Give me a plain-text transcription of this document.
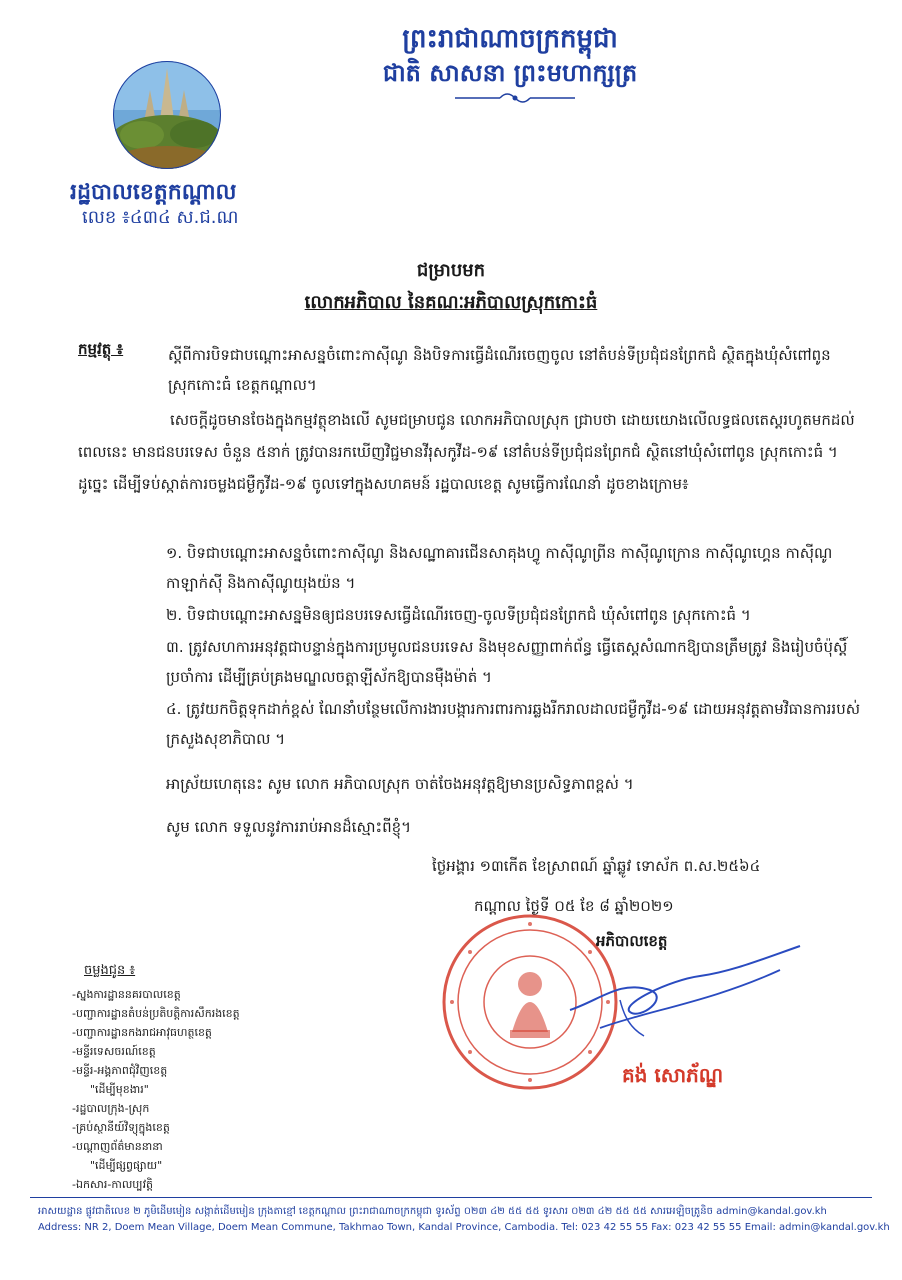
ព្រះរាជាណាចក្រកម្ពុជា
ជាតិ សាសនា ព្រះមហាក្សត្រ
រដ្ឋបាលខេត្តកណ្ដាល
លេខ ៖៤៣៤ ស.ជ.ណ
ជម្រាបមក
លោកអភិបាល នៃគណៈអភិបាលស្រុកកោះធំ
កម្មវត្ថុ ៖	ស្ដីពីការបិទជាបណ្ដោះអាសន្នចំពោះកាស៊ីណូ និងបិទការធ្វើដំណើរចេញចូល នៅតំបន់ទីប្រជុំជនព្រែកជំ ស្ថិតក្នុងឃុំសំពៅពូន ស្រុកកោះធំ ខេត្តកណ្ដាល។
សេចក្ដីដូចមានចែងក្នុងកម្មវត្ថុខាងលើ សូមជម្រាបជូន លោកអភិបាលស្រុក ជ្រាបថា ដោយយោងលើលទ្ធផលតេស្តរហូតមកដល់ពេលនេះ មានជនបរទេស ចំនួន ៥នាក់ ត្រូវបានរកឃើញវិជ្ជមានវីរុសកូវីដ-១៩ នៅតំបន់ទីប្រជុំជនព្រែកជំ ស្ថិតនៅឃុំសំពៅពូន ស្រុកកោះធំ ។ ដូច្នេះ ដើម្បីទប់ស្កាត់ការចម្លងជម្ងឺកូវីដ-១៩ ចូលទៅក្នុងសហគមន៍ រដ្ឋបាលខេត្ត សូមធ្វើការណែនាំ ដូចខាងក្រោម៖
១. បិទជាបណ្ដោះអាសន្នចំពោះកាស៊ីណូ និងសណ្ឋាគារជើនសាគុងហ្វូ កាស៊ីណូព្រីន កាស៊ីណូក្រោន កាស៊ីណូហ្គេន កាស៊ីណូកាឡាក់ស៊ី និងកាស៊ីណូយុងយ៉ន ។
២. បិទជាបណ្ដោះអាសន្នមិនឲ្យជនបរទេសធ្វើដំណើរចេញ-ចូលទីប្រជុំជនព្រែកជំ ឃុំសំពៅពូន ស្រុកកោះធំ ។
៣. ត្រូវសហការអនុវត្តជាបន្ទាន់ក្នុងការប្រមូលជនបរទេស និងមុខសញ្ញាពាក់ព័ន្ធ ធ្វើតេស្តសំណាកឱ្យបានត្រឹមត្រូវ និងរៀបចំប៉ុស្តិ៍ប្រចាំការ ដើម្បីគ្រប់គ្រងមណ្ឌលចត្តាឡីស័កឱ្យបានម៉ឺងម៉ាត់ ។
៤. ត្រូវយកចិត្តទុកដាក់ខ្ពស់ ណែនាំបន្ថែមលើការងារបង្ការការពារការឆ្លងរីករាលដាលជម្ងឺកូវីដ-១៩ ដោយអនុវត្តតាមវិធានការរបស់ក្រសួងសុខាភិបាល ។
អាស្រ័យហេតុនេះ សូម លោក អភិបាលស្រុក ចាត់ចែងអនុវត្តឱ្យមានប្រសិទ្ធភាពខ្ពស់ ។
សូម លោក ទទួលនូវការរាប់អានដ៏ស្មោះពីខ្ញុំ។
ថ្ងៃអង្គារ ១៣កើត ខែស្រាពណ៍ ឆ្នាំឆ្លូវ ទោស័ក ព.ស.២៥៦៤
កណ្ដាល ថ្ងៃទី ០៥ ខែ ៨ ឆ្នាំ២០២១
អភិបាលខេត្ត
គង់ សោភ័ណ្ឌ
ចម្លងជូន ៖
-ស្នងការដ្ឋាននគរបាលខេត្ត
-បញ្ជាការដ្ឋានតំបន់ប្រតិបត្តិការសឹករងខេត្ត
-បញ្ជាការដ្ឋានកងរាជអាវុធហត្ថខេត្ត
-មន្ទីរទេសចរណ៍ខេត្ត
-មន្ទីរ-អង្គភាពជុំវិញខេត្ត
"ដើម្បីមុខងារ"
-រដ្ឋបាលក្រុង-ស្រុក
-គ្រប់ស្ថានីយ៍វិទ្យុក្នុងខេត្ត
-បណ្ដាញព័ត៌មាននានា
"ដើម្បីផ្សព្វផ្សាយ"
-ឯកសារ-កាលប្បវត្តិ
អាសយដ្ឋាន ផ្លូវជាតិលេខ ២ ភូមិដើមមៀន សង្កាត់ដើមមៀន ក្រុងតាខ្មៅ ខេត្តកណ្ដាល ព្រះរាជាណាចក្រកម្ពុជា ទូរស័ព្ទ ០២៣ ៤២ ៥៥ ៥៥ ទូរសារ ០២៣ ៤២ ៥៥ ៥៥ សារអេឡិចត្រូនិច admin@kandal.gov.kh
Address: NR 2, Doem Mean Village, Doem Mean Commune, Takhmao Town, Kandal Province, Cambodia. Tel: 023 42 55 55 Fax: 023 42 55 55 Email: admin@kandal.gov.kh
